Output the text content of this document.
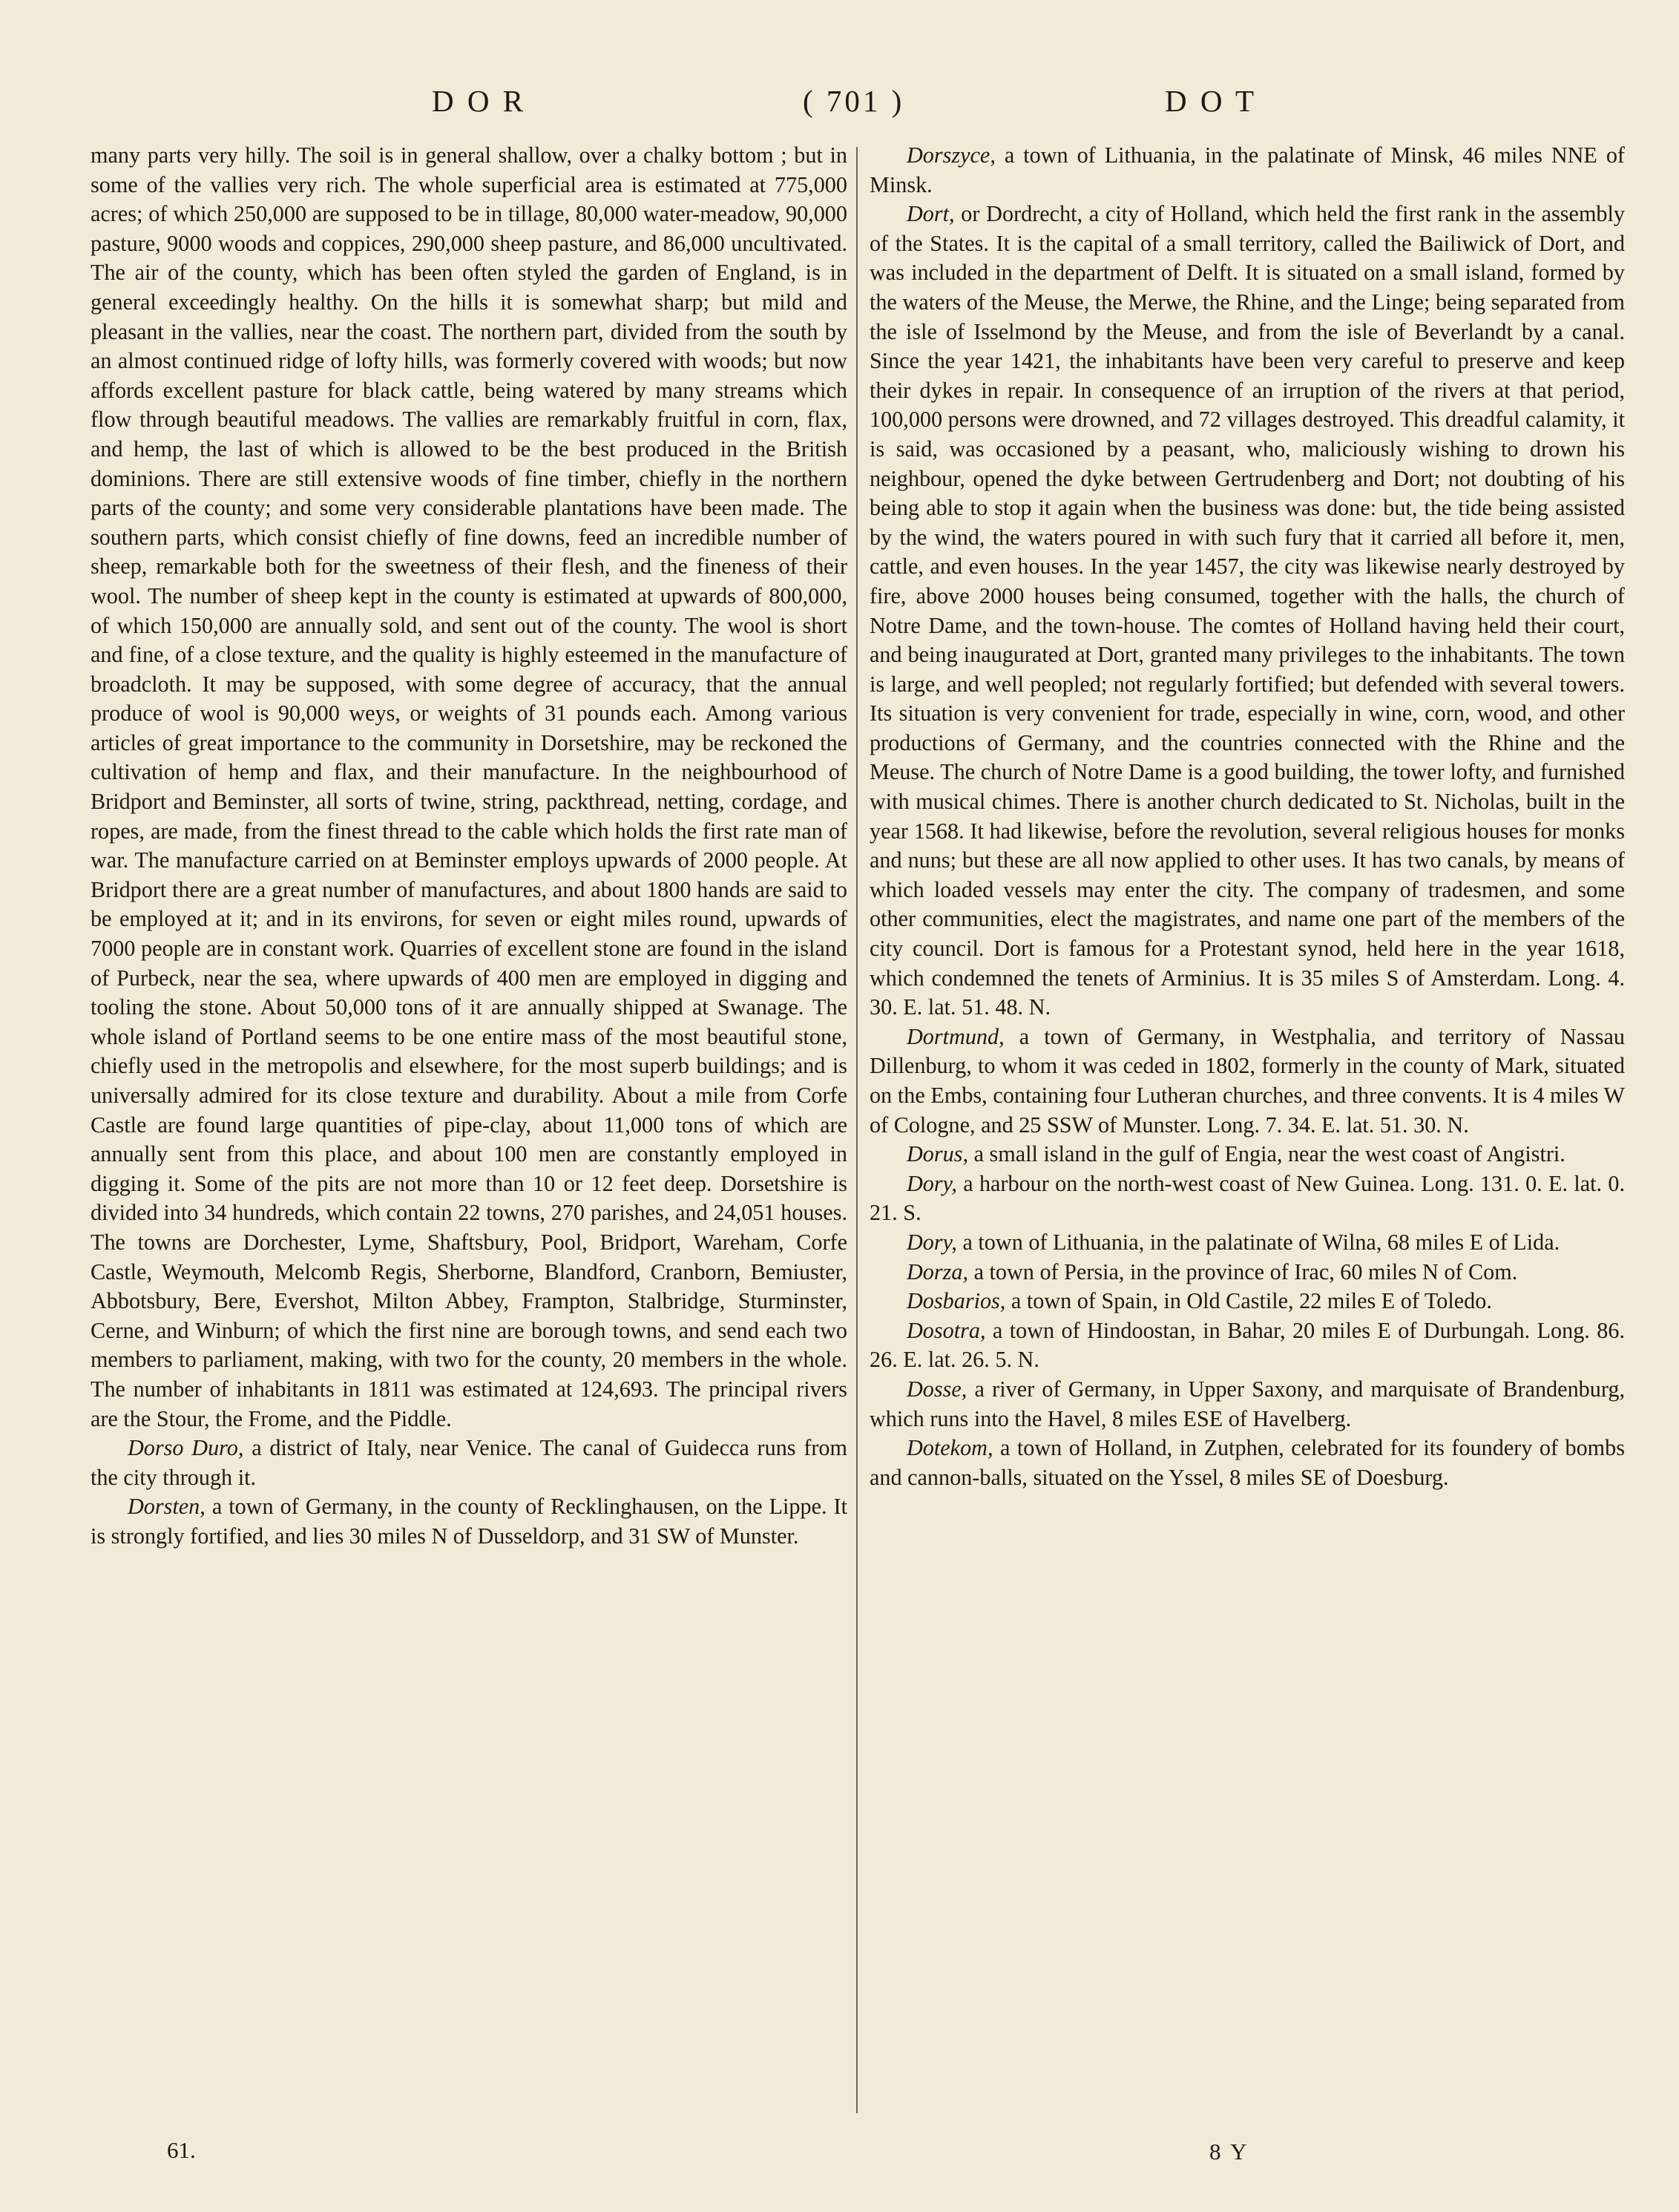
D O R	( 701 )	D O T

many parts very hilly. The soil is in general shallow, over a chalky bottom ; but in some of the vallies very rich. The whole superficial area is estimated at 775,000 acres; of which 250,000 are supposed to be in tillage, 80,000 water-meadow, 90,000 pasture, 9000 woods and coppices, 290,000 sheep pasture, and 86,000 uncultivated. The air of the county, which has been often styled the garden of England, is in general exceedingly healthy. On the hills it is somewhat sharp; but mild and pleasant in the vallies, near the coast. The northern part, divided from the south by an almost continued ridge of lofty hills, was formerly covered with woods; but now affords excellent pasture for black cattle, being watered by many streams which flow through beautiful meadows. The vallies are remarkably fruitful in corn, flax, and hemp, the last of which is allowed to be the best produced in the British dominions. There are still extensive woods of fine timber, chiefly in the northern parts of the county; and some very considerable plantations have been made. The southern parts, which consist chiefly of fine downs, feed an incredible number of sheep, remarkable both for the sweetness of their flesh, and the fineness of their wool. The number of sheep kept in the county is estimated at upwards of 800,000, of which 150,000 are annually sold, and sent out of the county. The wool is short and fine, of a close texture, and the quality is highly esteemed in the manufacture of broadcloth. It may be supposed, with some degree of accuracy, that the annual produce of wool is 90,000 weys, or weights of 31 pounds each. Among various articles of great importance to the community in Dorsetshire, may be reckoned the cultivation of hemp and flax, and their manufacture. In the neighbourhood of Bridport and Beminster, all sorts of twine, string, packthread, netting, cordage, and ropes, are made, from the finest thread to the cable which holds the first rate man of war. The manufacture carried on at Beminster employs upwards of 2000 people. At Bridport there are a great number of manufactures, and about 1800 hands are said to be employed at it; and in its environs, for seven or eight miles round, upwards of 7000 people are in constant work. Quarries of excellent stone are found in the island of Purbeck, near the sea, where upwards of 400 men are employed in digging and tooling the stone. About 50,000 tons of it are annually shipped at Swanage. The whole island of Portland seems to be one entire mass of the most beautiful stone, chiefly used in the metropolis and elsewhere, for the most superb buildings; and is universally admired for its close texture and durability. About a mile from Corfe Castle are found large quantities of pipe-clay, about 11,000 tons of which are annually sent from this place, and about 100 men are constantly employed in digging it. Some of the pits are not more than 10 or 12 feet deep. Dorsetshire is divided into 34 hundreds, which contain 22 towns, 270 parishes, and 24,051 houses. The towns are Dorchester, Lyme, Shaftsbury, Pool, Bridport, Wareham, Corfe Castle, Weymouth, Melcomb Regis, Sherborne, Blandford, Cranborn, Bemiuster, Abbotsbury, Bere, Evershot, Milton Abbey, Frampton, Stalbridge, Sturminster, Cerne, and Winburn; of which the first nine are borough towns, and send each two members to parliament, making, with two for the county, 20 members in the whole. The number of inhabitants in 1811 was estimated at 124,693. The principal rivers are the Stour, the Frome, and the Piddle.

Dorso Duro, a district of Italy, near Venice. The canal of Guidecca runs from the city through it.

Dorsten, a town of Germany, in the county of Recklinghausen, on the Lippe. It is strongly fortified, and lies 30 miles N of Dusseldorp, and 31 SW of Munster.

Dorszyce, a town of Lithuania, in the palatinate of Minsk, 46 miles NNE of Minsk.

Dort, or Dordrecht, a city of Holland, which held the first rank in the assembly of the States. It is the capital of a small territory, called the Bailiwick of Dort, and was included in the department of Delft. It is situated on a small island, formed by the waters of the Meuse, the Merwe, the Rhine, and the Linge; being separated from the isle of Isselmond by the Meuse, and from the isle of Beverlandt by a canal. Since the year 1421, the inhabitants have been very careful to preserve and keep their dykes in repair. In consequence of an irruption of the rivers at that period, 100,000 persons were drowned, and 72 villages destroyed. This dreadful calamity, it is said, was occasioned by a peasant, who, maliciously wishing to drown his neighbour, opened the dyke between Gertrudenberg and Dort; not doubting of his being able to stop it again when the business was done: but, the tide being assisted by the wind, the waters poured in with such fury that it carried all before it, men, cattle, and even houses. In the year 1457, the city was likewise nearly destroyed by fire, above 2000 houses being consumed, together with the halls, the church of Notre Dame, and the town-house. The comtes of Holland having held their court, and being inaugurated at Dort, granted many privileges to the inhabitants. The town is large, and well peopled; not regularly fortified; but defended with several towers. Its situation is very convenient for trade, especially in wine, corn, wood, and other productions of Germany, and the countries connected with the Rhine and the Meuse. The church of Notre Dame is a good building, the tower lofty, and furnished with musical chimes. There is another church dedicated to St. Nicholas, built in the year 1568. It had likewise, before the revolution, several religious houses for monks and nuns; but these are all now applied to other uses. It has two canals, by means of which loaded vessels may enter the city. The company of tradesmen, and some other communities, elect the magistrates, and name one part of the members of the city council. Dort is famous for a Protestant synod, held here in the year 1618, which condemned the tenets of Arminius. It is 35 miles S of Amsterdam. Long. 4. 30. E. lat. 51. 48. N.

Dortmund, a town of Germany, in Westphalia, and territory of Nassau Dillenburg, to whom it was ceded in 1802, formerly in the county of Mark, situated on the Embs, containing four Lutheran churches, and three convents. It is 4 miles W of Cologne, and 25 SSW of Munster. Long. 7. 34. E. lat. 51. 30. N.

Dorus, a small island in the gulf of Engia, near the west coast of Angistri.

Dory, a harbour on the north-west coast of New Guinea. Long. 131. 0. E. lat. 0. 21. S.

Dory, a town of Lithuania, in the palatinate of Wilna, 68 miles E of Lida.

Dorza, a town of Persia, in the province of Irac, 60 miles N of Com.

Dosbarios, a town of Spain, in Old Castile, 22 miles E of Toledo.

Dosotra, a town of Hindoostan, in Bahar, 20 miles E of Durbungah. Long. 86. 26. E. lat. 26. 5. N.

Dosse, a river of Germany, in Upper Saxony, and marquisate of Brandenburg, which runs into the Havel, 8 miles ESE of Havelberg.

Dotekom, a town of Holland, in Zutphen, celebrated for its foundery of bombs and cannon-balls, situated on the Yssel, 8 miles SE of Doesburg.

61.	8 Y
